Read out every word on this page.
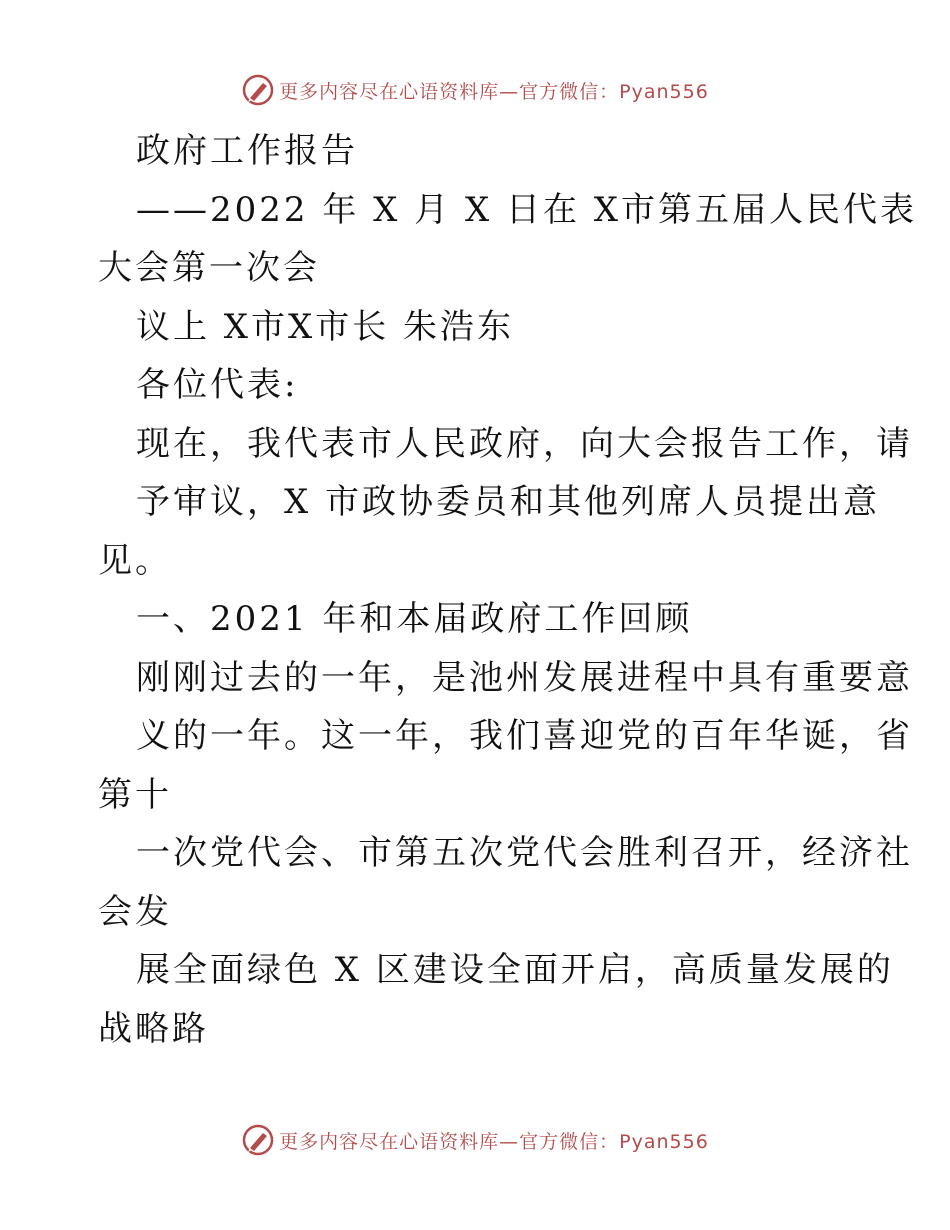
更多内容尽在心语资料库—官方微信：Pyan556
政府工作报告
——2022 年 X 月 X 日在 X市第五届人民代表
大会第一次会
议上 X市X市长 朱浩东
各位代表:
现在，我代表市人民政府，向大会报告工作，请
予审议，X 市政协委员和其他列席人员提出意
见。
一、2021 年和本届政府工作回顾
刚刚过去的一年，是池州发展进程中具有重要意
义的一年。这一年，我们喜迎党的百年华诞，省
第十
一次党代会、市第五次党代会胜利召开，经济社
会发
展全面绿色 X 区建设全面开启，高质量发展的
战略路
更多内容尽在心语资料库—官方微信：Pyan556
